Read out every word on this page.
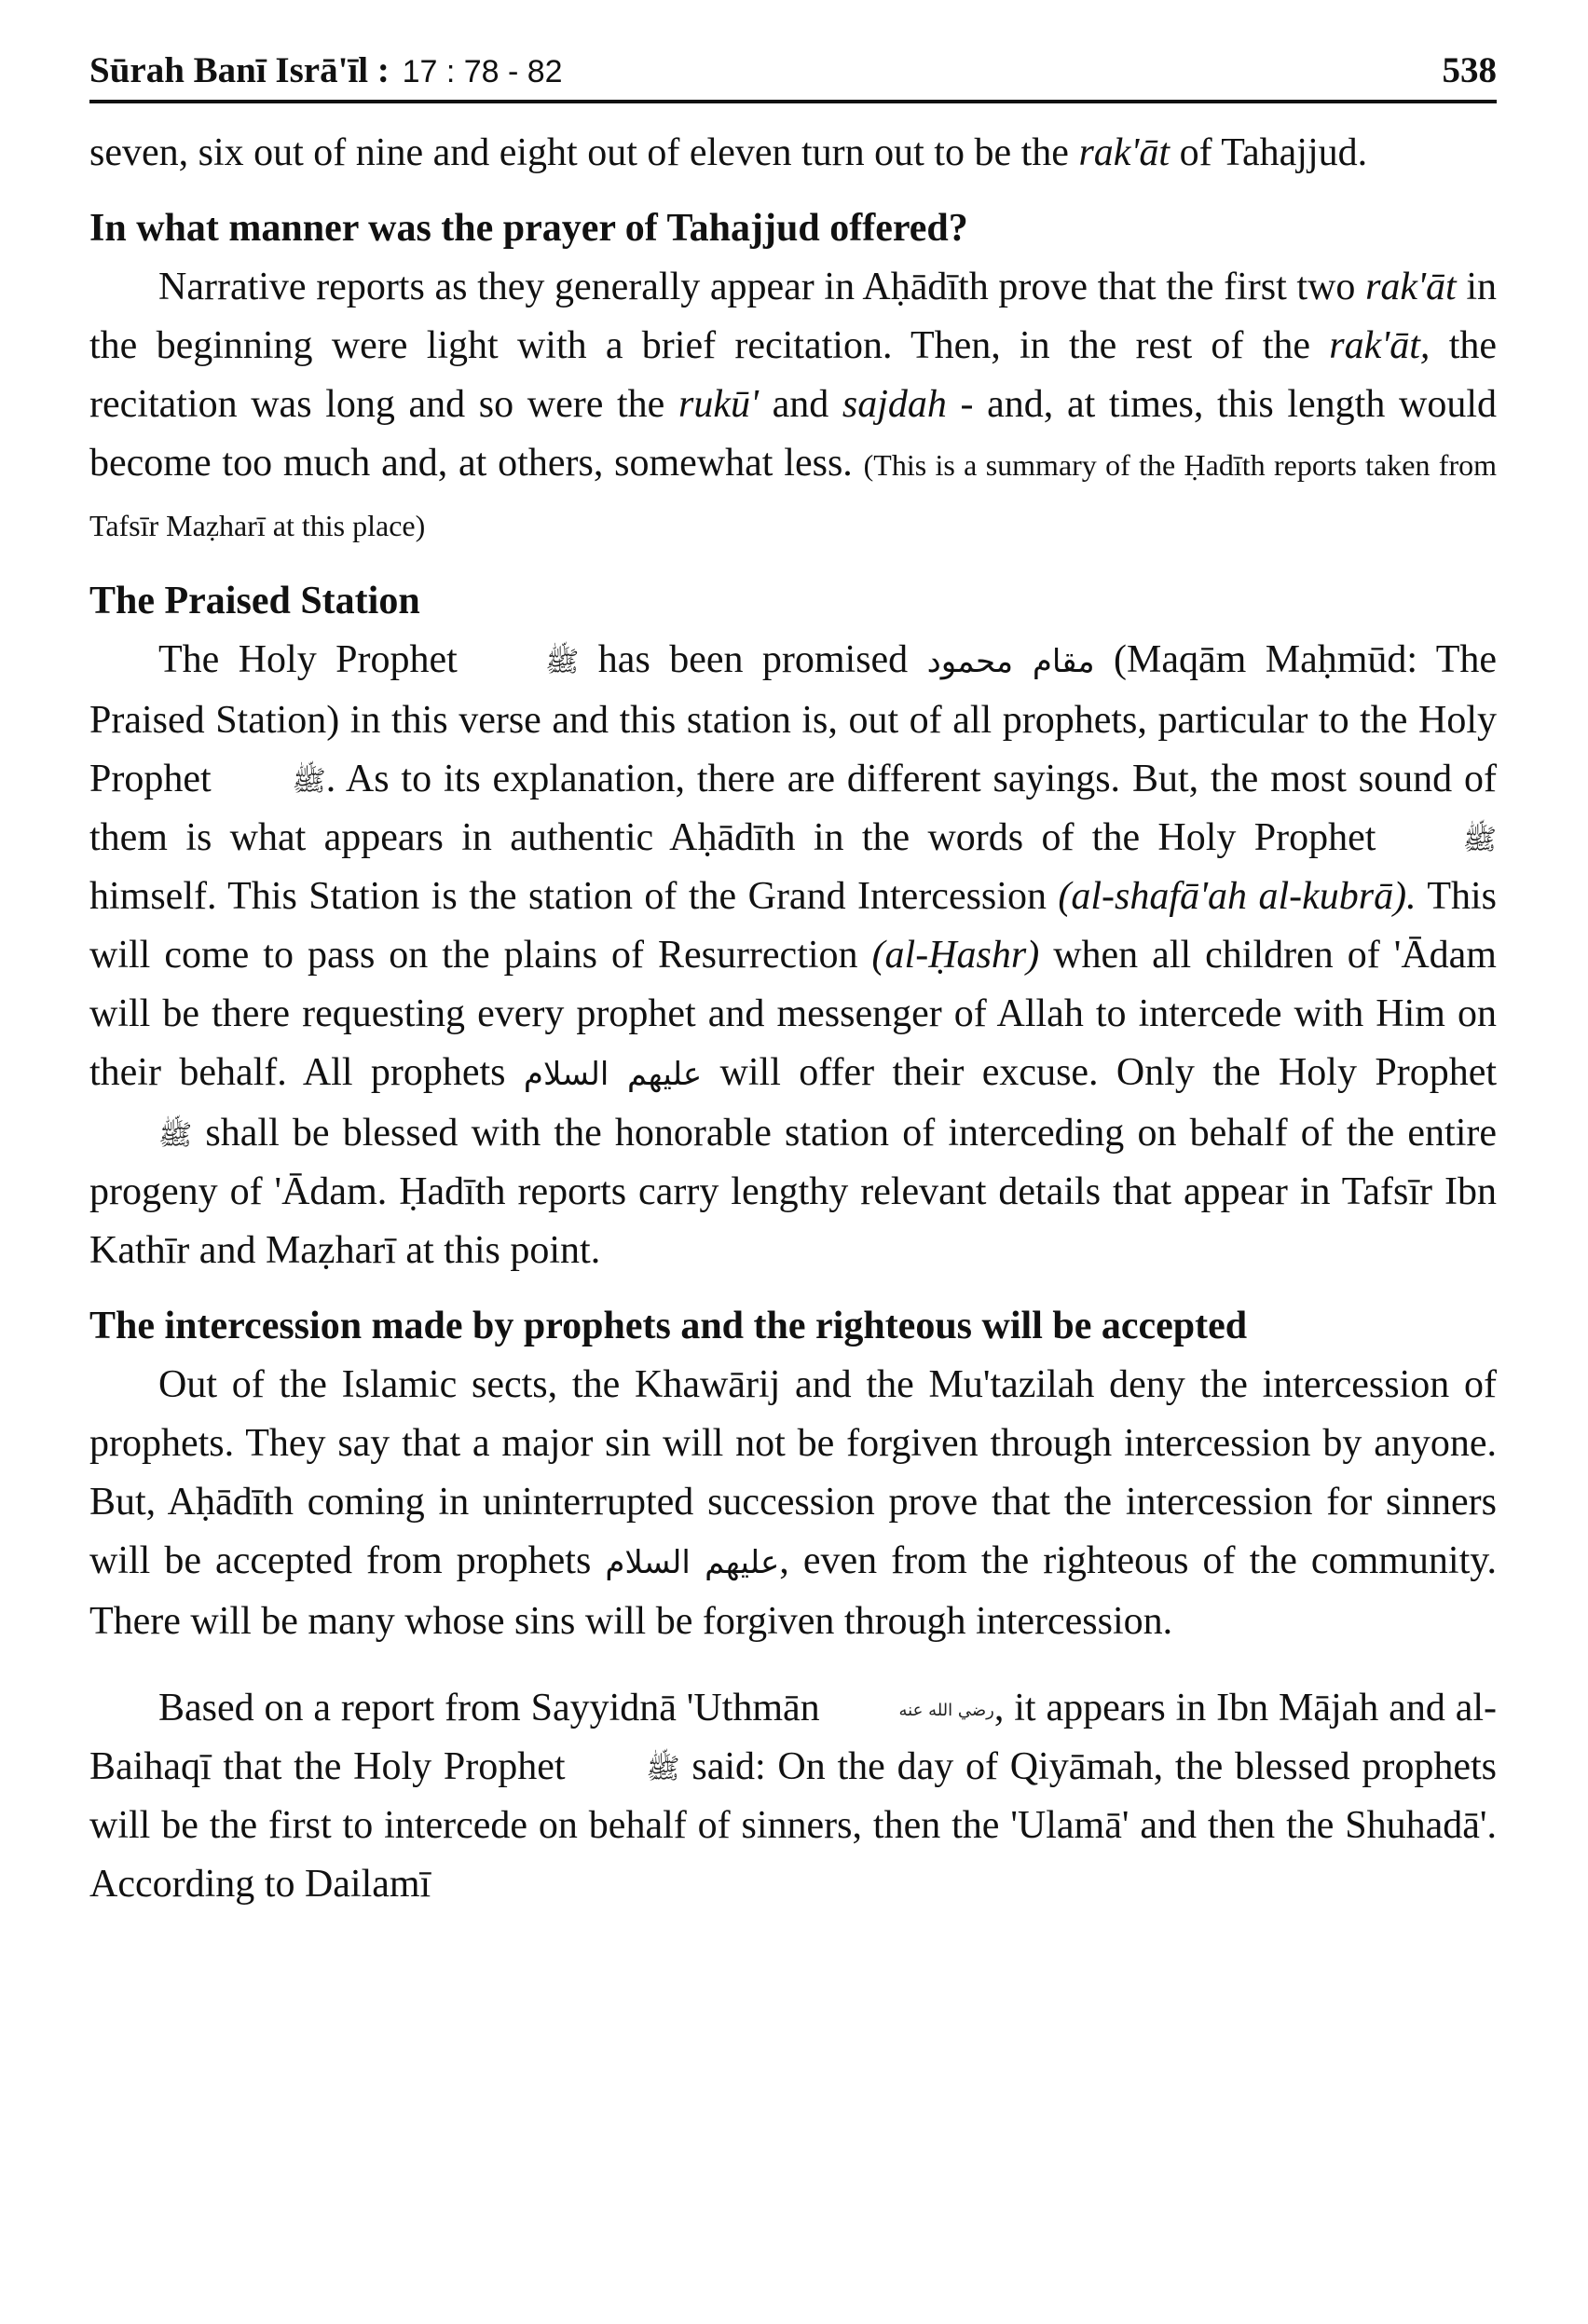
Sūrah Banī Isrā'īl : 17 : 78 - 82	538

seven, six out of nine and eight out of eleven turn out to be the rak'āt of Tahajjud.

In what manner was the prayer of Tahajjud offered?

Narrative reports as they generally appear in Aḥādīth prove that the first two rak'āt in the beginning were light with a brief recitation. Then, in the rest of the rak'āt, the recitation was long and so were the rukū' and sajdah - and, at times, this length would become too much and, at others, somewhat less. (This is a summary of the Ḥadīth reports taken from Tafsīr Maẓharī at this place)

The Praised Station

The Holy Prophet ﷺ has been promised مقام محمود (Maqām Maḥmūd: The Praised Station) in this verse and this station is, out of all prophets, particular to the Holy Prophet ﷺ. As to its explanation, there are different sayings. But, the most sound of them is what appears in authentic Aḥādīth in the words of the Holy Prophet ﷺ himself. This Station is the station of the Grand Intercession (al-shafā'ah al-kubrā). This will come to pass on the plains of Resurrection (al-Ḥashr) when all children of 'Ādam will be there requesting every prophet and messenger of Allah to intercede with Him on their behalf. All prophets عليهم السلام will offer their excuse. Only the Holy Prophet ﷺ shall be blessed with the honorable station of interceding on behalf of the entire progeny of 'Ādam. Ḥadīth reports carry lengthy relevant details that appear in Tafsīr Ibn Kathīr and Maẓharī at this point.

The intercession made by prophets and the righteous will be accepted

Out of the Islamic sects, the Khawārij and the Mu'tazilah deny the intercession of prophets. They say that a major sin will not be forgiven through intercession by anyone. But, Aḥādīth coming in uninterrupted succession prove that the intercession for sinners will be accepted from prophets عليهم السلام, even from the righteous of the community. There will be many whose sins will be forgiven through intercession.

Based on a report from Sayyidnā 'Uthmān	رضي الله عنه, it appears in Ibn Mājah and al-Baihaqī that the Holy Prophet ﷺ said: On the day of Qiyāmah, the blessed prophets will be the first to intercede on behalf of sinners, then the 'Ulamā' and then the Shuhadā'. According to Dailamī
